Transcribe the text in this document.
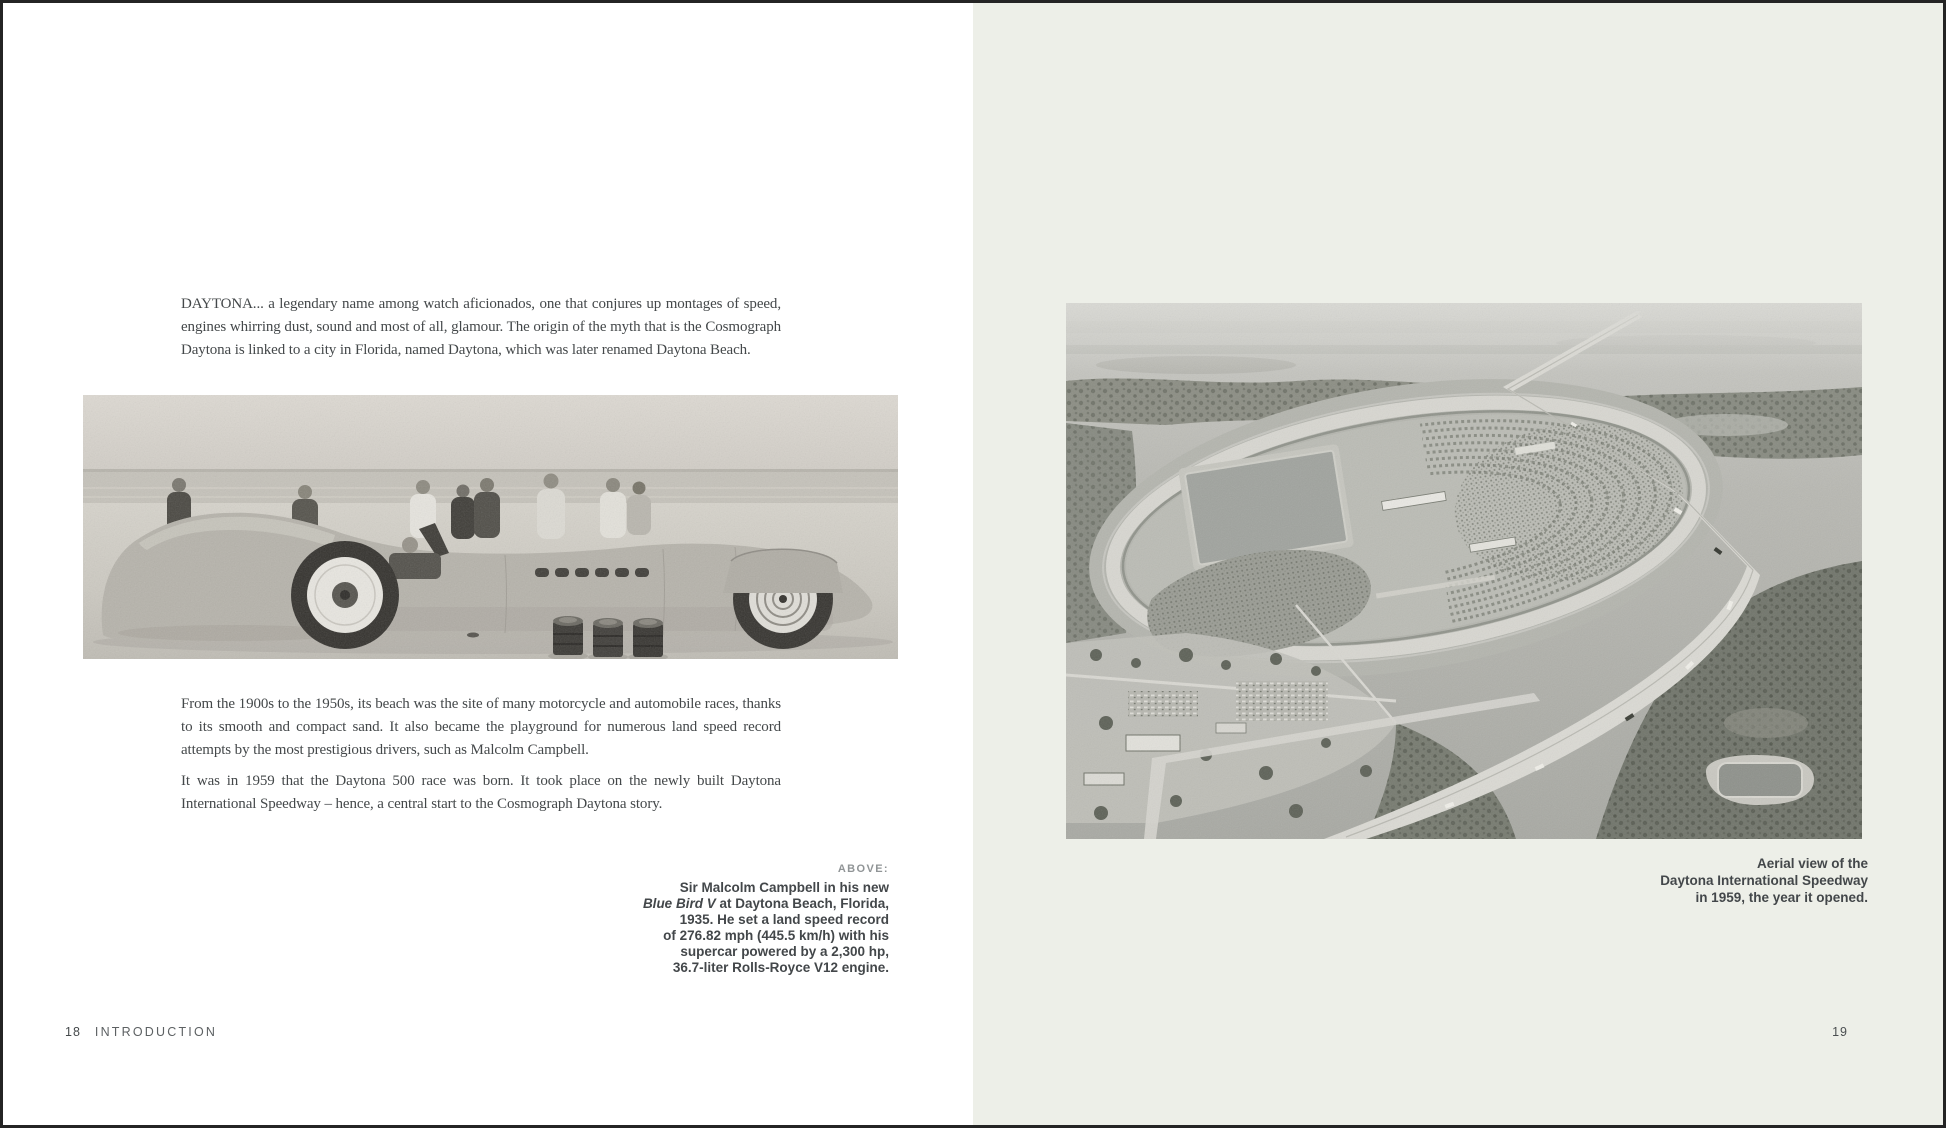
DAYTONA... a legendary name among watch aficionados, one that conjures up montages of speed, engines whirring dust, sound and most of all, glamour. The origin of the myth that is the Cosmograph Daytona is linked to a city in Florida, named Daytona, which was later renamed Daytona Beach.

From the 1900s to the 1950s, its beach was the site of many motorcycle and automobile races, thanks to its smooth and compact sand. It also became the playground for numerous land speed record attempts by the most prestigious drivers, such as Malcolm Campbell.

It was in 1959 that the Daytona 500 race was born. It took place on the newly built Daytona International Speedway – hence, a central start to the Cosmograph Daytona story.

ABOVE:
Sir Malcolm Campbell in his new
Blue Bird V at Daytona Beach, Florida,
1935. He set a land speed record
of 276.82 mph (445.5 km/h) with his
supercar powered by a 2,300 hp,
36.7-liter Rolls-Royce V12 engine.
18 INTRODUCTION
Aerial view of the
Daytona International Speedway
in 1959, the year it opened.
19
